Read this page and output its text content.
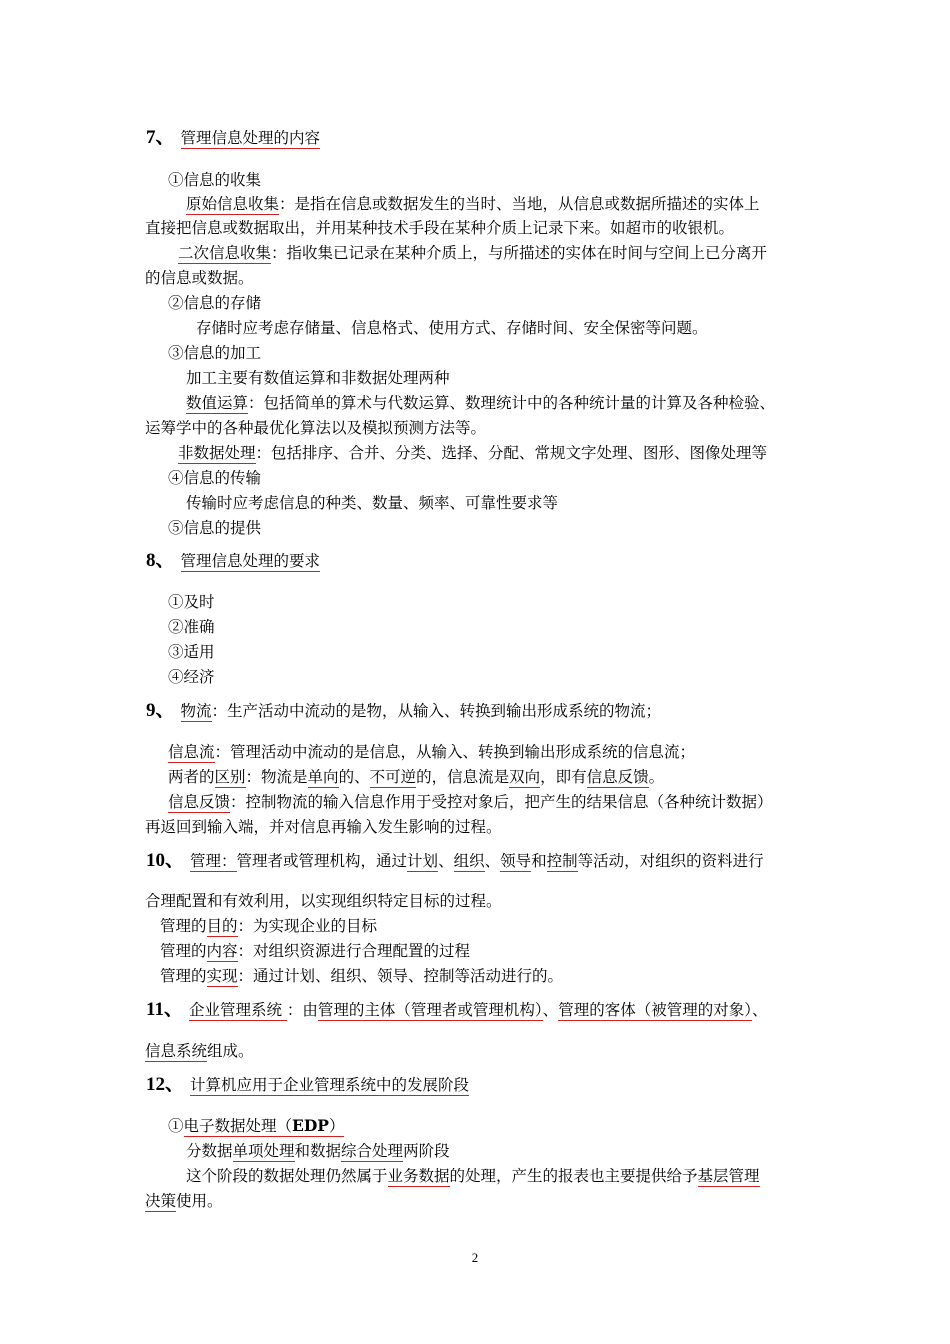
7、 管理信息处理的内容
①信息的收集
原始信息收集：是指在信息或数据发生的当时、当地，从信息或数据所描述的实体上
直接把信息或数据取出，并用某种技术手段在某种介质上记录下来。如超市的收银机。
二次信息收集：指收集已记录在某种介质上，与所描述的实体在时间与空间上已分离开
的信息或数据。
②信息的存储
存储时应考虑存储量、信息格式、使用方式、存储时间、安全保密等问题。
③信息的加工
加工主要有数值运算和非数据处理两种
数值运算：包括简单的算术与代数运算、数理统计中的各种统计量的计算及各种检验、
运筹学中的各种最优化算法以及模拟预测方法等。
非数据处理：包括排序、合并、分类、选择、分配、常规文字处理、图形、图像处理等
④信息的传输
传输时应考虑信息的种类、数量、频率、可靠性要求等
⑤信息的提供
8、 管理信息处理的要求
①及时
②准确
③适用
④经济
9、 物流：生产活动中流动的是物，从输入、转换到输出形成系统的物流；
信息流：管理活动中流动的是信息，从输入、转换到输出形成系统的信息流；
两者的区别：物流是单向的、不可逆的，信息流是双向，即有信息反馈。
信息反馈：控制物流的输入信息作用于受控对象后，把产生的结果信息（各种统计数据）
再返回到输入端，并对信息再输入发生影响的过程。
10、 管理：管理者或管理机构，通过计划、组织、领导和控制等活动，对组织的资料进行
合理配置和有效利用，以实现组织特定目标的过程。
管理的目的：为实现企业的目标
管理的内容：对组织资源进行合理配置的过程
管理的实现：通过计划、组织、领导、控制等活动进行的。
11、 企业管理系统 ：由管理的主体（管理者或管理机构）、管理的客体（被管理的对象）、
信息系统组成。
12、 计算机应用于企业管理系统中的发展阶段
①电子数据处理（EDP）
分数据单项处理和数据综合处理两阶段
这个阶段的数据处理仍然属于业务数据的处理，产生的报表也主要提供给予基层管理
决策使用。
2
